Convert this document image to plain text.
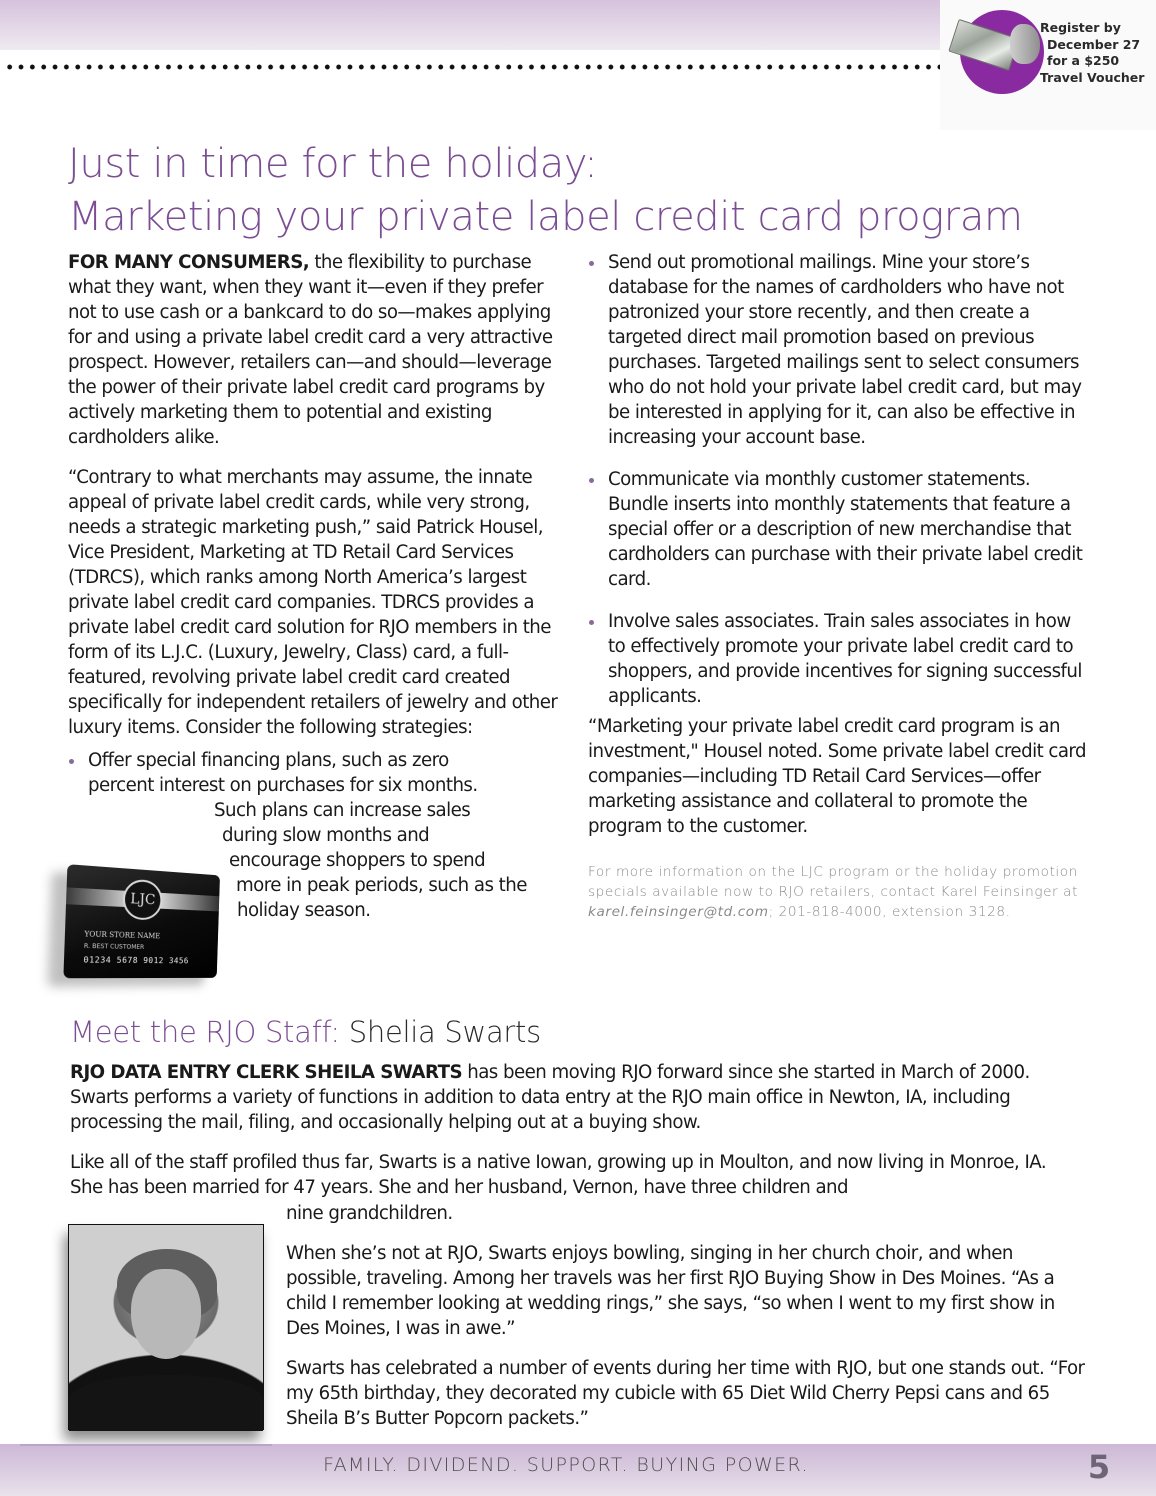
Register by
December 27
for a $250
Travel Voucher
Just in time for the holiday:
Marketing your private label credit card program

FOR MANY CONSUMERS, the flexibility to purchase what they want, when they want it—even if they prefer not to use cash or a bankcard to do so—makes applying for and using a private label credit card a very attractive prospect. However, retailers can—and should—leverage the power of their private label credit card programs by actively marketing them to potential and existing cardholders alike.

“Contrary to what merchants may assume, the innate appeal of private label credit cards, while very strong, needs a strategic marketing push,” said Patrick Housel, Vice President, Marketing at TD Retail Card Services (TDRCS), which ranks among North America’s largest private label credit card companies. TDRCS provides a private label credit card solution for RJO members in the form of its L.J.C. (Luxury, Jewelry, Class) card, a full-featured, revolving private label credit card created specifically for independent retailers of jewelry and other luxury items. Consider the following strategies:

Offer special financing plans, such as zero
percent interest on purchases for six months.
Such plans can increase sales
during slow months and
encourage shoppers to spend
more in peak periods, such as the
holiday season.
LJC
YOUR STORE NAME
R. BEST CUSTOMER
01234 5678 9012 3456
Send out promotional mailings. Mine your store’s database for the names of cardholders who have not patronized your store recently, and then create a targeted direct mail promotion based on previous purchases. Targeted mailings sent to select consumers who do not hold your private label credit card, but may be interested in applying for it, can also be effective in increasing your account base.
Communicate via monthly customer statements. Bundle inserts into monthly statements that feature a special offer or a description of new merchandise that cardholders can purchase with their private label credit card.
Involve sales associates. Train sales associates in how to effectively promote your private label credit card to shoppers, and provide incentives for signing successful applicants.

“Marketing your private label credit card program is an investment," Housel noted. Some private label credit card companies—including TD Retail Card Services—offer marketing assistance and collateral to promote the program to the customer.

For more information on the LJC program or the holiday promotion specials available now to RJO retailers, contact Karel Feinsinger at karel.feinsinger@td.com; 201-818-4000, extension 3128.

Meet the RJO Staff: Shelia Swarts

RJO DATA ENTRY CLERK SHEILA SWARTS has been moving RJO forward since she started in March of 2000. Swarts performs a variety of functions in addition to data entry at the RJO main office in Newton, IA, including processing the mail, filing, and occasionally helping out at a buying show.

Like all of the staff profiled thus far, Swarts is a native Iowan, growing up in Moulton, and now living in Monroe, IA. She has been married for 47 years. She and her husband, Vernon, have three children and

nine grandchildren.

When she’s not at RJO, Swarts enjoys bowling, singing in her church choir, and when possible, traveling. Among her travels was her first RJO Buying Show in Des Moines. “As a child I remember looking at wedding rings,” she says, “so when I went to my first show in Des Moines, I was in awe.”

Swarts has celebrated a number of events during her time with RJO, but one stands out. “For my 65th birthday, they decorated my cubicle with 65 Diet Wild Cherry Pepsi cans and 65 Sheila B’s Butter Popcorn packets.”

FAMILY. DIVIDEND. SUPPORT. BUYING POWER.	5
